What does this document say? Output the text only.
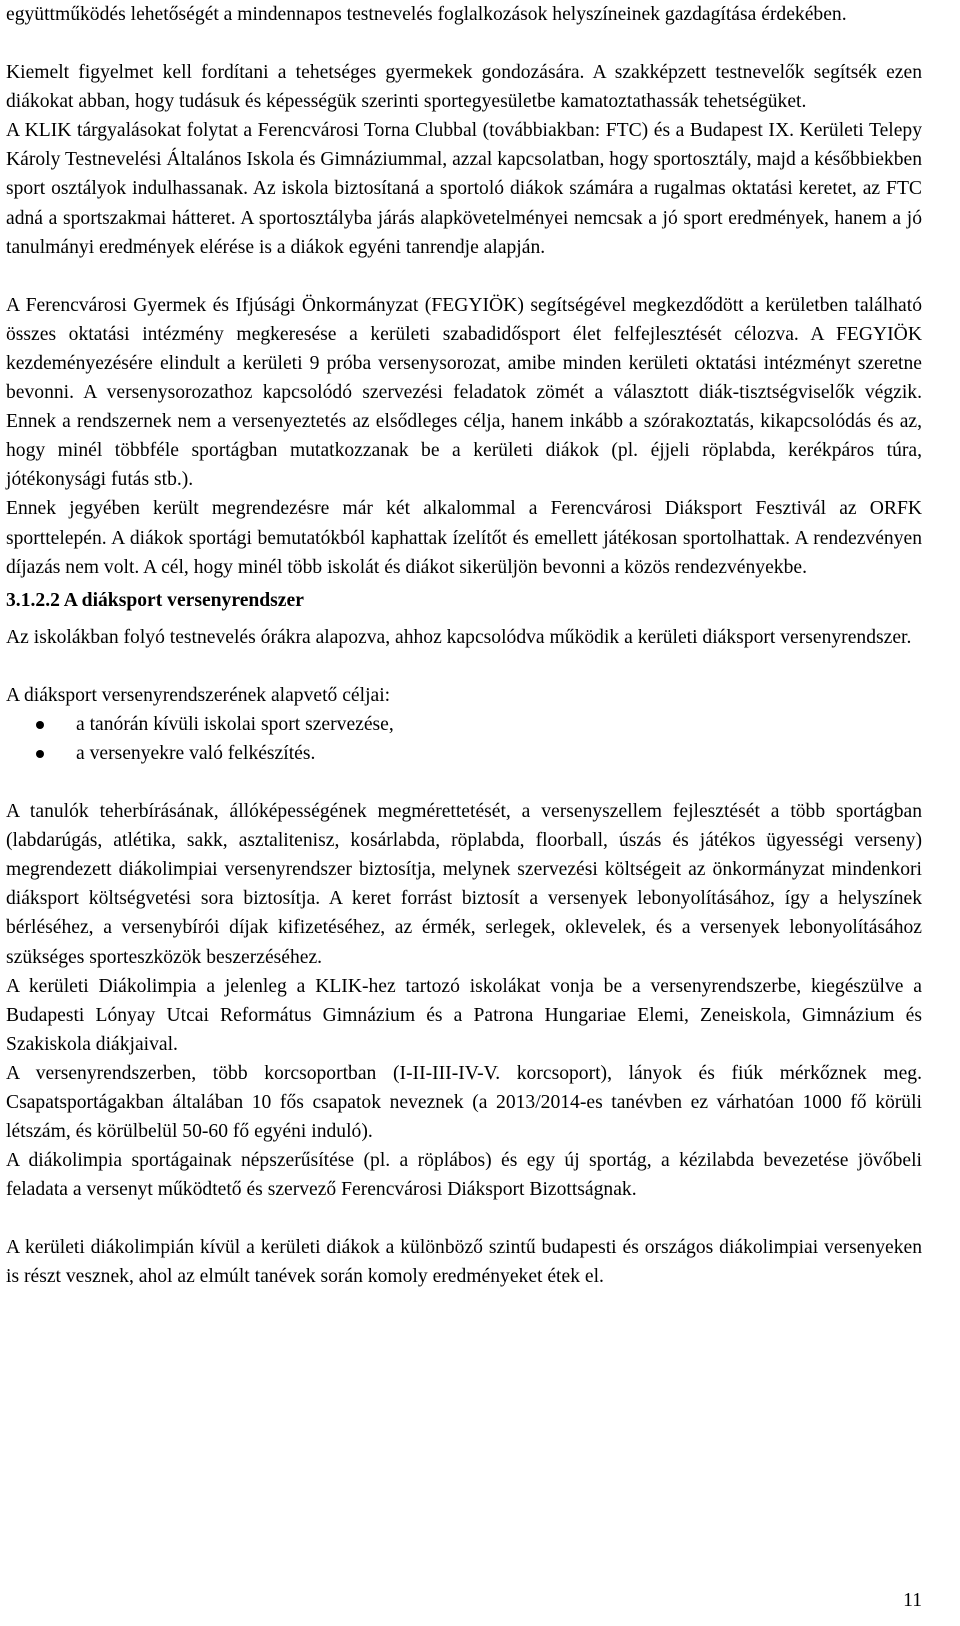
együttműködés lehetőségét a mindennapos testnevelés foglalkozások helyszíneinek gazdagítása érdekében.

Kiemelt figyelmet kell fordítani a tehetséges gyermekek gondozására. A szakképzett testnevelők segítsék ezen diákokat abban, hogy tudásuk és képességük szerinti sportegyesületbe kamatoztathassák tehetségüket.

A KLIK tárgyalásokat folytat a Ferencvárosi Torna Clubbal (továbbiakban: FTC) és a Budapest IX. Kerületi Telepy Károly Testnevelési Általános Iskola és Gimnáziummal, azzal kapcsolatban, hogy sportosztály, majd a későbbiekben sport osztályok indulhassanak. Az iskola biztosítaná a sportoló diákok számára a rugalmas oktatási keretet, az FTC adná a sportszakmai hátteret. A sportosztályba járás alapkövetelményei nemcsak a jó sport eredmények, hanem a jó tanulmányi eredmények elérése is a diákok egyéni tanrendje alapján.

A Ferencvárosi Gyermek és Ifjúsági Önkormányzat (FEGYIÖK) segítségével megkezdődött a kerületben található összes oktatási intézmény megkeresése a kerületi szabadidősport élet felfejlesztését célozva. A FEGYIÖK kezdeményezésére elindult a kerületi 9 próba versenysorozat, amibe minden kerületi oktatási intézményt szeretne bevonni. A versenysorozathoz kapcsolódó szervezési feladatok zömét a választott diák-tisztségviselők végzik. Ennek a rendszernek nem a versenyeztetés az elsődleges célja, hanem inkább a szórakoztatás, kikapcsolódás és az, hogy minél többféle sportágban mutatkozzanak be a kerületi diákok (pl. éjjeli röplabda, kerékpáros túra, jótékonysági futás stb.).

Ennek jegyében került megrendezésre már két alkalommal a Ferencvárosi Diáksport Fesztivál az ORFK sporttelepén. A diákok sportági bemutatókból kaphattak ízelítőt és emellett játékosan sportolhattak. A rendezvényen díjazás nem volt. A cél, hogy minél több iskolát és diákot sikerüljön bevonni a közös rendezvényekbe.

3.1.2.2 A diáksport versenyrendszer

Az iskolákban folyó testnevelés órákra alapozva, ahhoz kapcsolódva működik a kerületi diáksport versenyrendszer.

A diáksport versenyrendszerének alapvető céljai:

a tanórán kívüli iskolai sport szervezése,
a versenyekre való felkészítés.

A tanulók teherbírásának, állóképességének megmérettetését, a versenyszellem fejlesztését a több sportágban (labdarúgás, atlétika, sakk, asztalitenisz, kosárlabda, röplabda, floorball, úszás és játékos ügyességi verseny) megrendezett diákolimpiai versenyrendszer biztosítja, melynek szervezési költségeit az önkormányzat mindenkori diáksport költségvetési sora biztosítja. A keret forrást biztosít a versenyek lebonyolításához, így a helyszínek bérléséhez, a versenybírói díjak kifizetéséhez, az érmék, serlegek, oklevelek, és a versenyek lebonyolításához szükséges sporteszközök beszerzéséhez.

A kerületi Diákolimpia a jelenleg a KLIK-hez tartozó iskolákat vonja be a versenyrendszerbe, kiegészülve a Budapesti Lónyay Utcai Református Gimnázium és a Patrona Hungariae Elemi, Zeneiskola, Gimnázium és Szakiskola diákjaival.

A versenyrendszerben, több korcsoportban (I-II-III-IV-V. korcsoport), lányok és fiúk mérkőznek meg. Csapatsportágakban általában 10 fős csapatok neveznek (a 2013/2014-es tanévben ez várhatóan 1000 fő körüli létszám, és körülbelül 50-60 fő egyéni induló).

A diákolimpia sportágainak népszerűsítése (pl. a röplábos) és egy új sportág, a kézilabda bevezetése jövőbeli feladata a versenyt működtető és szervező Ferencvárosi Diáksport Bizottságnak.

A kerületi diákolimpián kívül a kerületi diákok a különböző szintű budapesti és országos diákolimpiai versenyeken is részt vesznek, ahol az elmúlt tanévek során komoly eredményeket étek el.

11
